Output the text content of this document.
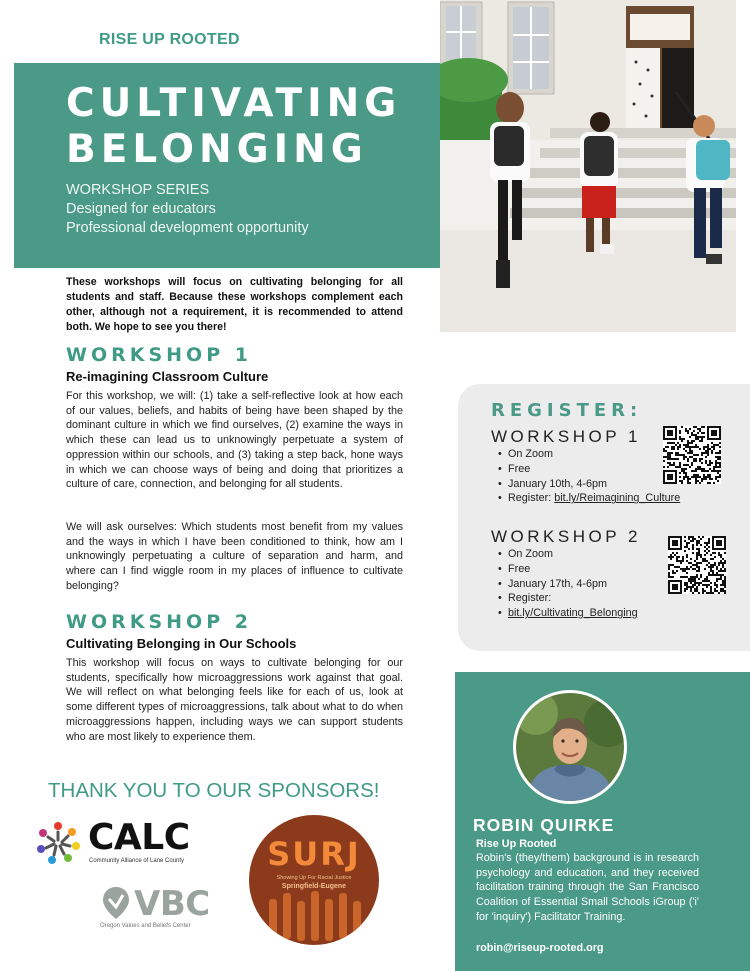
RISE UP ROOTED
CULTIVATING
BELONGING
WORKSHOP SERIES
Designed for educators
Professional development opportunity

These workshops will focus on cultivating belonging for all students and staff. Because these workshops complement each other, although not a requirement, it is recommended to attend both. We hope to see you there!

WORKSHOP 1
Re-imagining Classroom Culture

For this workshop, we will: (1) take a self-reflective look at how each of our values, beliefs, and habits of being have been shaped by the dominant culture in which we find ourselves, (2) examine the ways in which these can lead us to unknowingly perpetuate a system of oppression within our schools, and (3) taking a step back, hone ways in which we can choose ways of being and doing that prioritizes a culture of care, connection, and belonging for all students.

We will ask ourselves: Which students most benefit from my values and the ways in which I have been conditioned to think, how am I unknowingly perpetuating a culture of separation and harm, and where can I find wiggle room in my places of influence to cultivate belonging?

WORKSHOP 2
Cultivating Belonging in Our Schools

This workshop will focus on ways to cultivate belonging for our students, specifically how microaggressions work against that goal. We will reflect on what belonging feels like for each of us, look at some different types of microaggressions, talk about what to do when microaggressions happen, including ways we can support students who are most likely to experience them.

REGISTER:
WORKSHOP 1
• On Zoom
• Free
• January 10th, 4-6pm
• Register: bit.ly/Reimagining_Culture
WORKSHOP 2
• On Zoom
• Free
• January 17th, 4-6pm
• Register:
• bit.ly/Cultivating_Belonging
THANK YOU TO OUR SPONSORS!
CALC
Community Alliance of Lane County
VBC
Oregon Values and Beliefs Center
SURJ
Showing Up For Racial Justice
Springfield-Eugene
ROBIN QUIRKE
Rise Up Rooted

Robin's (they/them) background is in research psychology and education, and they received facilitation training through the San Francisco Coalition of Essential Small Schools iGroup ('i' for 'inquiry') Facilitator Training.

robin@riseup-rooted.org
